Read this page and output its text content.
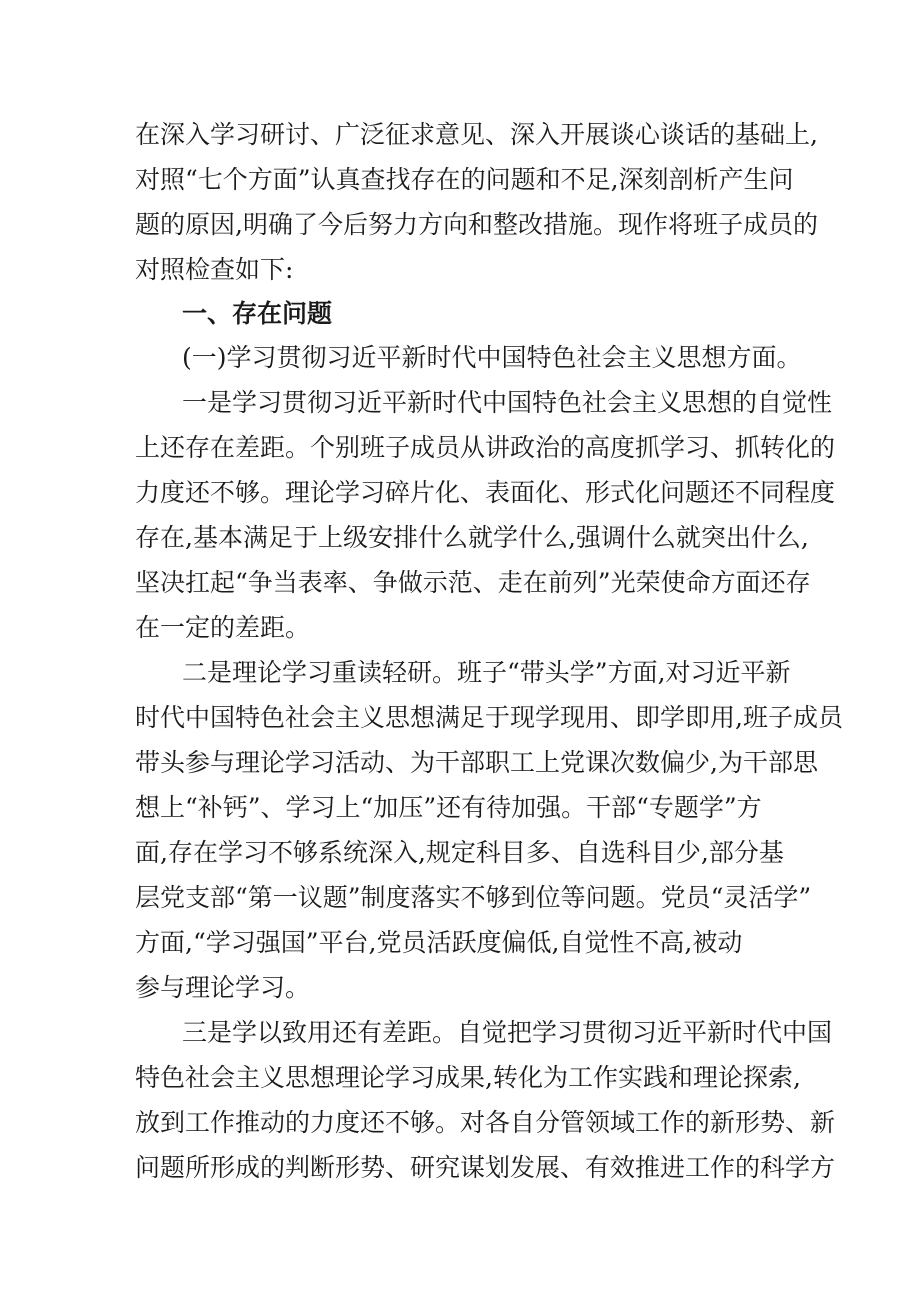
在深入学习研讨、广泛征求意见、深入开展谈心谈话的基础上,
对照“七个方面”认真查找存在的问题和不足,深刻剖析产生问
题的原因,明确了今后努力方向和整改措施。现作将班子成员的
对照检查如下:
一、存在问题
(一)学习贯彻习近平新时代中国特色社会主义思想方面。
一是学习贯彻习近平新时代中国特色社会主义思想的自觉性
上还存在差距。个别班子成员从讲政治的高度抓学习、抓转化的
力度还不够。理论学习碎片化、表面化、形式化问题还不同程度
存在,基本满足于上级安排什么就学什么,强调什么就突出什么,
坚决扛起“争当表率、争做示范、走在前列”光荣使命方面还存
在一定的差距。
二是理论学习重读轻研。班子“带头学”方面,对习近平新
时代中国特色社会主义思想满足于现学现用、即学即用,班子成员
带头参与理论学习活动、为干部职工上党课次数偏少,为干部思
想上“补钙”、学习上“加压”还有待加强。干部“专题学”方
面,存在学习不够系统深入,规定科目多、自选科目少,部分基
层党支部“第一议题”制度落实不够到位等问题。党员“灵活学”
方面,“学习强国”平台,党员活跃度偏低,自觉性不高,被动
参与理论学习。
三是学以致用还有差距。自觉把学习贯彻习近平新时代中国
特色社会主义思想理论学习成果,转化为工作实践和理论探索,
放到工作推动的力度还不够。对各自分管领域工作的新形势、新
问题所形成的判断形势、研究谋划发展、有效推进工作的科学方
